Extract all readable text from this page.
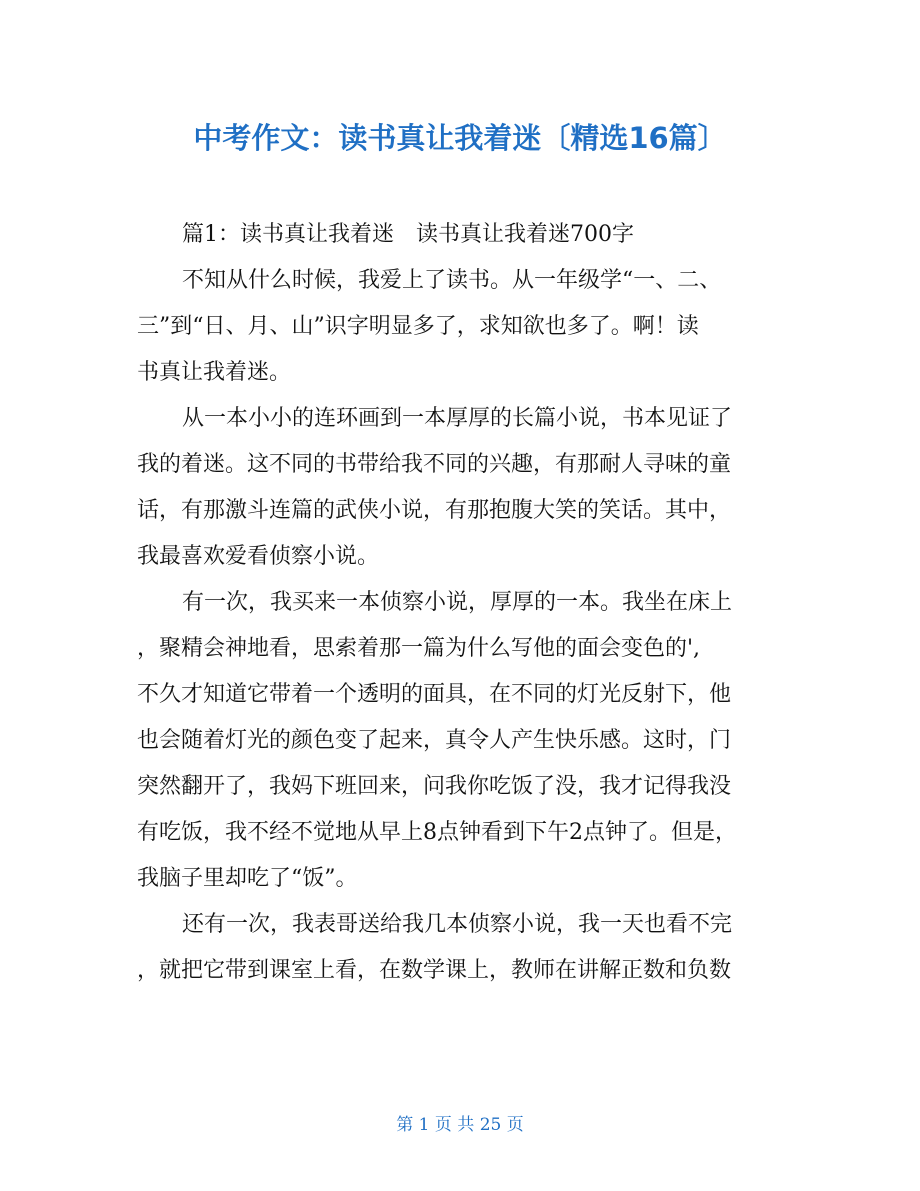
中考作文：读书真让我着迷〔精选16篇〕
篇1：读书真让我着迷　读书真让我着迷700字
不知从什么时候，我爱上了读书。从一年级学“一、二、
三”到“日、月、山”识字明显多了，求知欲也多了。啊！读
书真让我着迷。
从一本小小的连环画到一本厚厚的长篇小说，书本见证了
我的着迷。这不同的书带给我不同的兴趣，有那耐人寻味的童
话，有那激斗连篇的武侠小说，有那抱腹大笑的笑话。其中，
我最喜欢爱看侦察小说。
有一次，我买来一本侦察小说，厚厚的一本。我坐在床上
，聚精会神地看，思索着那一篇为什么写他的面会变色的',
不久才知道它带着一个透明的面具，在不同的灯光反射下，他
也会随着灯光的颜色变了起来，真令人产生快乐感。这时，门
突然翻开了，我妈下班回来，问我你吃饭了没，我才记得我没
有吃饭，我不经不觉地从早上8点钟看到下午2点钟了。但是，
我脑子里却吃了“饭”。
还有一次，我表哥送给我几本侦察小说，我一天也看不完
，就把它带到课室上看，在数学课上，教师在讲解正数和负数
第 1 页 共 25 页
